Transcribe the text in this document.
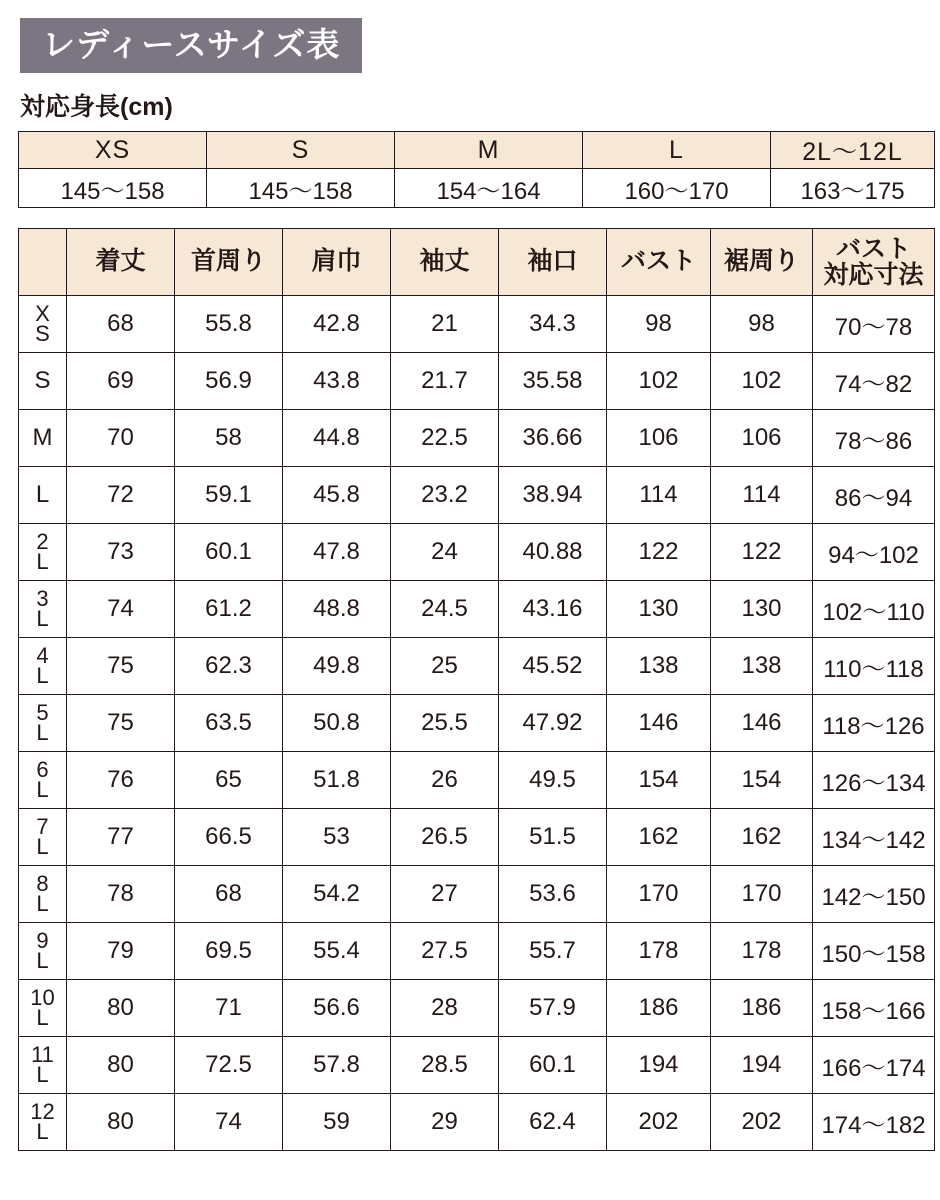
レディースサイズ表
対応身長(cm)
XS	S	M	L	2L〜12L
145〜158	145〜158	154〜164	160〜170	163〜175
	着丈	首周り	肩巾	袖丈	袖口	バスト	裾周り	バスト
対応寸法

X
S	68	55.8	42.8	21	34.3	98	98	70〜78
S	69	56.9	43.8	21.7	35.58	102	102	74〜82
M	70	58	44.8	22.5	36.66	106	106	78〜86
L	72	59.1	45.8	23.2	38.94	114	114	86〜94

2
L	73	60.1	47.8	24	40.88	122	122	94〜102

3
L	74	61.2	48.8	24.5	43.16	130	130	102〜110

4
L	75	62.3	49.8	25	45.52	138	138	110〜118

5
L	75	63.5	50.8	25.5	47.92	146	146	118〜126

6
L	76	65	51.8	26	49.5	154	154	126〜134

7
L	77	66.5	53	26.5	51.5	162	162	134〜142

8
L	78	68	54.2	27	53.6	170	170	142〜150

9
L	79	69.5	55.4	27.5	55.7	178	178	150〜158

10
L	80	71	56.6	28	57.9	186	186	158〜166

11
L	80	72.5	57.8	28.5	60.1	194	194	166〜174

12
L	80	74	59	29	62.4	202	202	174〜182
